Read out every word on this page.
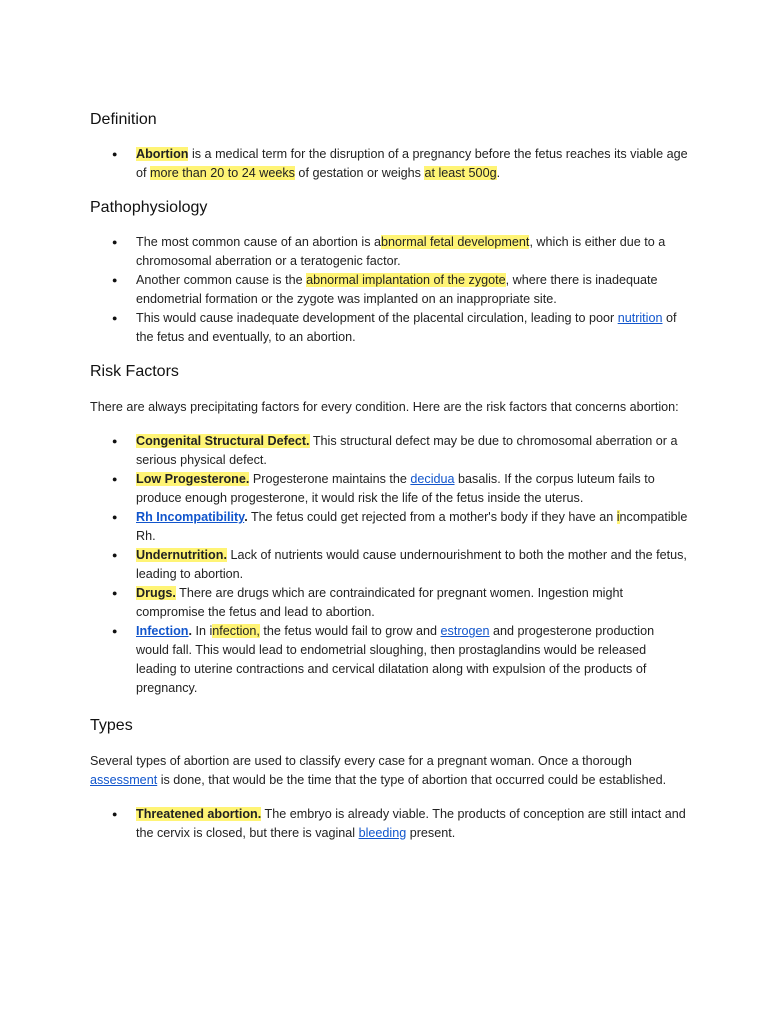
Definition
● Abortion is a medical term for the disruption of a pregnancy before the fetus reaches its viable age of more than 20 to 24 weeks of gestation or weighs at least 500g.
Pathophysiology
● The most common cause of an abortion is abnormal fetal development, which is either due to a chromosomal aberration or a teratogenic factor.
● Another common cause is the abnormal implantation of the zygote, where there is inadequate endometrial formation or the zygote was implanted on an inappropriate site.
● This would cause inadequate development of the placental circulation, leading to poor nutrition of the fetus and eventually, to an abortion.
Risk Factors

There are always precipitating factors for every condition. Here are the risk factors that concerns abortion:

● Congenital Structural Defect. This structural defect may be due to chromosomal aberration or a serious physical defect.
● Low Progesterone. Progesterone maintains the decidua basalis. If the corpus luteum fails to produce enough progesterone, it would risk the life of the fetus inside the uterus.
● Rh Incompatibility. The fetus could get rejected from a mother's body if they have an incompatible Rh.
● Undernutrition. Lack of nutrients would cause undernourishment to both the mother and the fetus, leading to abortion.
● Drugs. There are drugs which are contraindicated for pregnant women. Ingestion might compromise the fetus and lead to abortion.
● Infection. In infection, the fetus would fail to grow and estrogen and progesterone production would fall. This would lead to endometrial sloughing, then prostaglandins would be released leading to uterine contractions and cervical dilatation along with expulsion of the products of pregnancy.
Types

Several types of abortion are used to classify every case for a pregnant woman. Once a thorough assessment is done, that would be the time that the type of abortion that occurred could be established.

● Threatened abortion. The embryo is already viable. The products of conception are still intact and the cervix is closed, but there is vaginal bleeding present.
